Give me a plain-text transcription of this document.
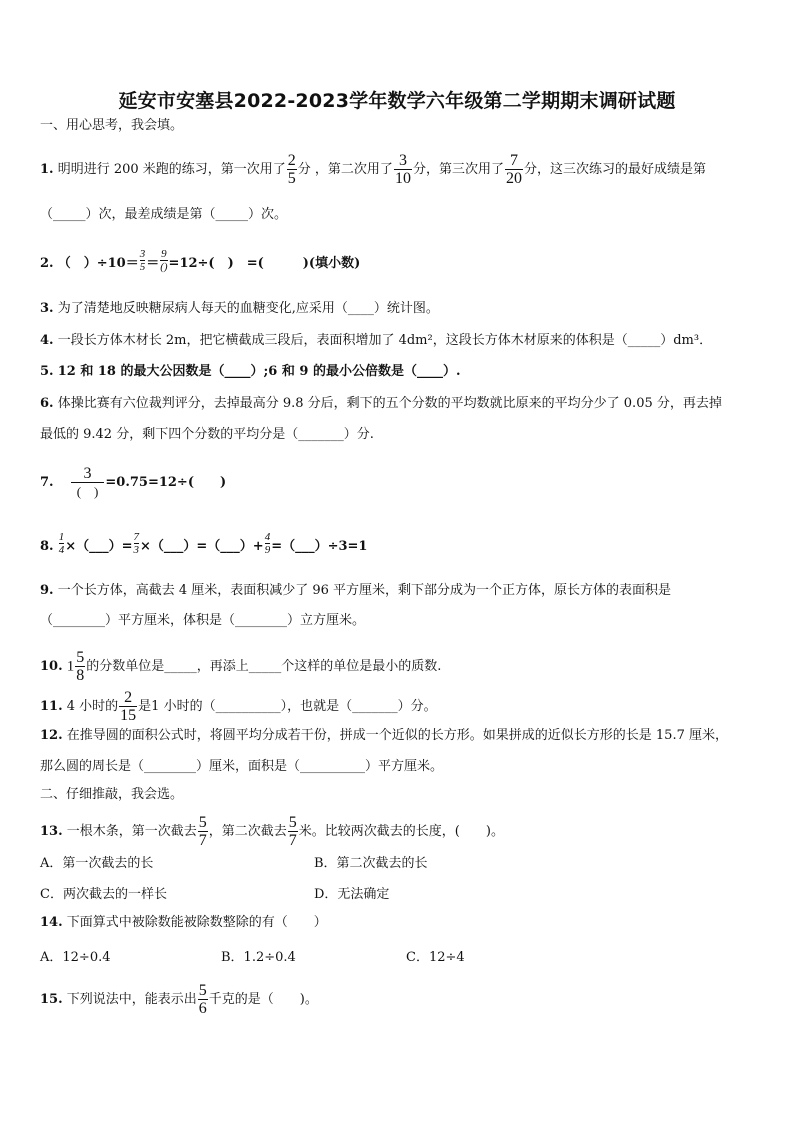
延安市安塞县2022-2023学年数学六年级第二学期期末调研试题
一、用心思考，我会填。
1. 明明进行 200 米跑的练习，第一次用了 $\frac{2}{5}$ 分 ，第二次用了 $\frac{3}{10}$ 分，第三次用了 $\frac{7}{20}$ 分，这三次练习的最好成绩是第
（_____）次，最差成绩是第（_____）次。
2. （　）$\div 10= \frac{3}{5}$ ＝
9
() =12÷(　)　=(　　　)(填小数)
3. 为了清楚地反映糖尿病人每天的血糖变化,应采用（____）统计图。
4. 一段长方体木材长 2m，把它横截成三段后，表面积增加了 4dm²，这段长方体木材原来的体积是（_____）dm³．
5. 12 和 18 的最大公因数是（____）;6 和 9 的最小公倍数是（____）.
6. 体操比赛有六位裁判评分，去掉最高分 9.8 分后，剩下的五个分数的平均数就比原来的平均分少了 0.05 分，再去掉
最低的 9.42 分，剩下四个分数的平均分是（_______）分.
7. $\frac{3}{( )} =0.75=12\div$(　　)
8. $\frac{1}{4}$ ×（___）= $\frac{7}{3}$ ×（___）=（___）+ $\frac{4}{9}$ =（___）÷3=1
9. 一个长方体，高截去 4 厘米，表面积减少了 96 平方厘米，剩下部分成为一个正方体，原长方体的表面积是
（________）平方厘米，体积是（________）立方厘米。
10. $1 \frac{5}{8}$ 的分数单位是_____，再添上_____个这样的单位是最小的质数.
11. 4 小时的 $\frac{2}{15}$ 是1 小时的（__________），也就是（_______）分。
12. 在推导圆的面积公式时，将圆平均分成若干份，拼成一个近似的长方形。如果拼成的近似长方形的长是 15.7 厘米，
那么圆的周长是（________）厘米，面积是（__________）平方厘米。
二、仔细推敲，我会选。
13. 一根木条，第一次截去 $\frac{5}{7}$ ，第二次截去 $\frac{5}{7}$ 米。比较两次截去的长度，(　　)。
A．第一次截去的长	B．第二次截去的长
C．两次截去的一样长	D．无法确定
14. 下面算式中被除数能被除数整除的有（　　）
A．12÷0.4	B．1.2÷0.4	C．12÷4
15. 下列说法中，能表示出 $\frac{5}{6}$ 千克的是（　　)。
